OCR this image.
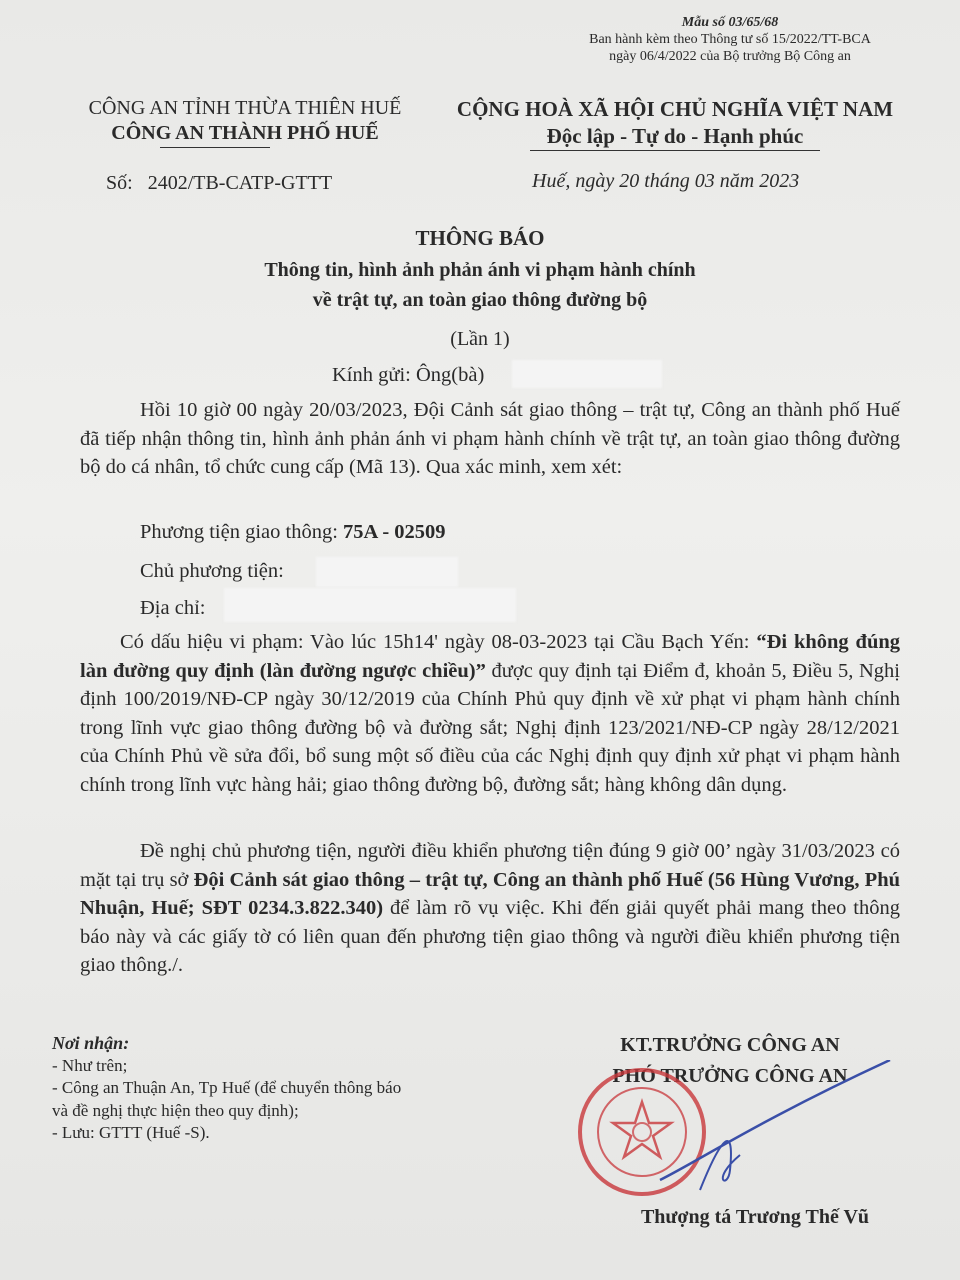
Mẫu số 03/65/68
Ban hành kèm theo Thông tư số 15/2022/TT-BCA
ngày 06/4/2022 của Bộ trưởng Bộ Công an
CÔNG AN TỈNH THỪA THIÊN HUẾ
CÔNG AN THÀNH PHỐ HUẾ
CỘNG HOÀ XÃ HỘI CHỦ NGHĨA VIỆT NAM
Độc lập - Tự do - Hạnh phúc
Số: 2402/TB-CATP-GTTT	Huế, ngày 20 tháng 03 năm 2023
THÔNG BÁO
Thông tin, hình ảnh phản ánh vi phạm hành chính
về trật tự, an toàn giao thông đường bộ
(Lần 1)
Kính gửi: Ông(bà)
Hồi 10 giờ 00 ngày 20/03/2023, Đội Cảnh sát giao thông – trật tự, Công an thành phố Huế đã tiếp nhận thông tin, hình ảnh phản ánh vi phạm hành chính về trật tự, an toàn giao thông đường bộ do cá nhân, tổ chức cung cấp (Mã 13). Qua xác minh, xem xét:
Phương tiện giao thông: 75A - 02509
Chủ phương tiện:
Địa chỉ:
Có dấu hiệu vi phạm: Vào lúc 15h14' ngày 08-03-2023 tại Cầu Bạch Yến: “Đi không đúng làn đường quy định (làn đường ngược chiều)” được quy định tại Điểm đ, khoản 5, Điều 5, Nghị định 100/2019/NĐ-CP ngày 30/12/2019 của Chính Phủ quy định về xử phạt vi phạm hành chính trong lĩnh vực giao thông đường bộ và đường sắt; Nghị định 123/2021/NĐ-CP ngày 28/12/2021 của Chính Phủ về sửa đổi, bổ sung một số điều của các Nghị định quy định xử phạt vi phạm hành chính trong lĩnh vực hàng hải; giao thông đường bộ, đường sắt; hàng không dân dụng.
Đề nghị chủ phương tiện, người điều khiển phương tiện đúng 9 giờ 00’ ngày 31/03/2023 có mặt tại trụ sở Đội Cảnh sát giao thông – trật tự, Công an thành phố Huế (56 Hùng Vương, Phú Nhuận, Huế; SĐT 0234.3.822.340) để làm rõ vụ việc. Khi đến giải quyết phải mang theo thông báo này và các giấy tờ có liên quan đến phương tiện giao thông và người điều khiển phương tiện giao thông./.
Nơi nhận:
- Như trên;
- Công an Thuận An, Tp Huế (để chuyển thông báo
và đề nghị thực hiện theo quy định);
- Lưu: GTTT (Huế -S).
KT.TRƯỞNG CÔNG AN
PHÓ TRƯỞNG CÔNG AN
Thượng tá Trương Thế Vũ
